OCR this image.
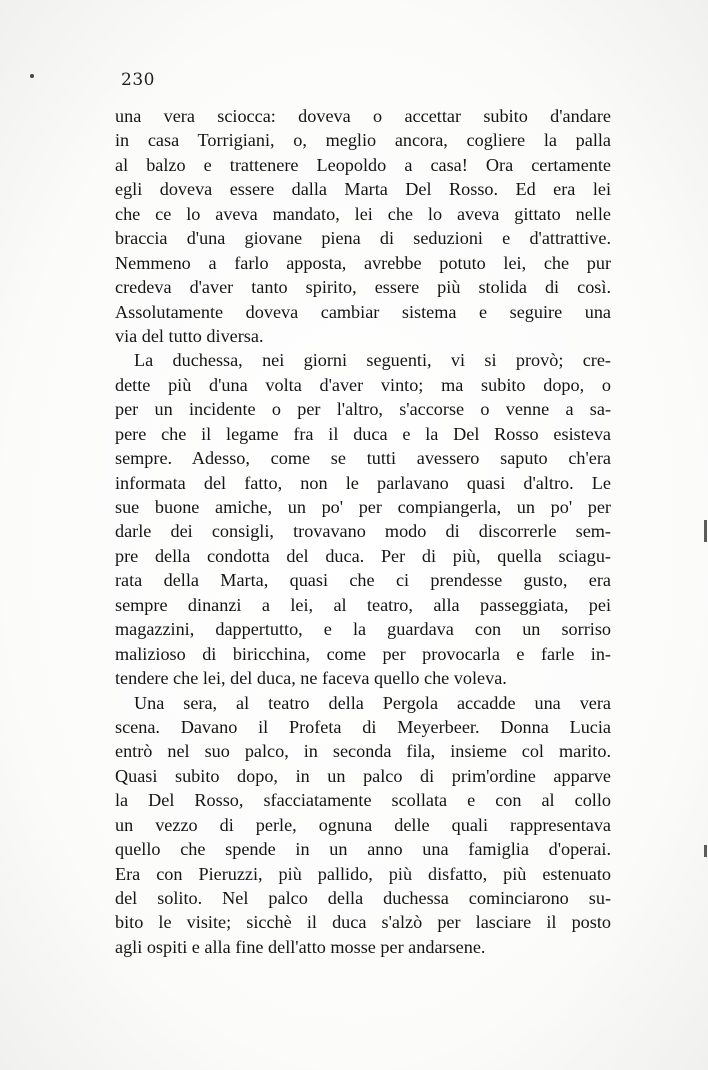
230
una vera sciocca: doveva o accettar subito d'andare
in casa Torrigiani, o, meglio ancora, cogliere la palla
al balzo e trattenere Leopoldo a casa! Ora certamente
egli doveva essere dalla Marta Del Rosso. Ed era lei
che ce lo aveva mandato, lei che lo aveva gittato nelle
braccia d'una giovane piena di seduzioni e d'attrattive.
Nemmeno a farlo apposta, avrebbe potuto lei, che pur
credeva d'aver tanto spirito, essere più stolida di così.
Assolutamente doveva cambiar sistema e seguire una
via del tutto diversa.
La duchessa, nei giorni seguenti, vi si provò; cre-
dette più d'una volta d'aver vinto; ma subito dopo, o
per un incidente o per l'altro, s'accorse o venne a sa-
pere che il legame fra il duca e la Del Rosso esisteva
sempre. Adesso, come se tutti avessero saputo ch'era
informata del fatto, non le parlavano quasi d'altro. Le
sue buone amiche, un po' per compiangerla, un po' per
darle dei consigli, trovavano modo di discorrerle sem-
pre della condotta del duca. Per di più, quella sciagu-
rata della Marta, quasi che ci prendesse gusto, era
sempre dinanzi a lei, al teatro, alla passeggiata, pei
magazzini, dappertutto, e la guardava con un sorriso
malizioso di biricchina, come per provocarla e farle in-
tendere che lei, del duca, ne faceva quello che voleva.
Una sera, al teatro della Pergola accadde una vera
scena. Davano il Profeta di Meyerbeer. Donna Lucia
entrò nel suo palco, in seconda fila, insieme col marito.
Quasi subito dopo, in un palco di prim'ordine apparve
la Del Rosso, sfacciatamente scollata e con al collo
un vezzo di perle, ognuna delle quali rappresentava
quello che spende in un anno una famiglia d'operai.
Era con Pieruzzi, più pallido, più disfatto, più estenuato
del solito. Nel palco della duchessa cominciarono su-
bito le visite; sicchè il duca s'alzò per lasciare il posto
agli ospiti e alla fine dell'atto mosse per andarsene.
